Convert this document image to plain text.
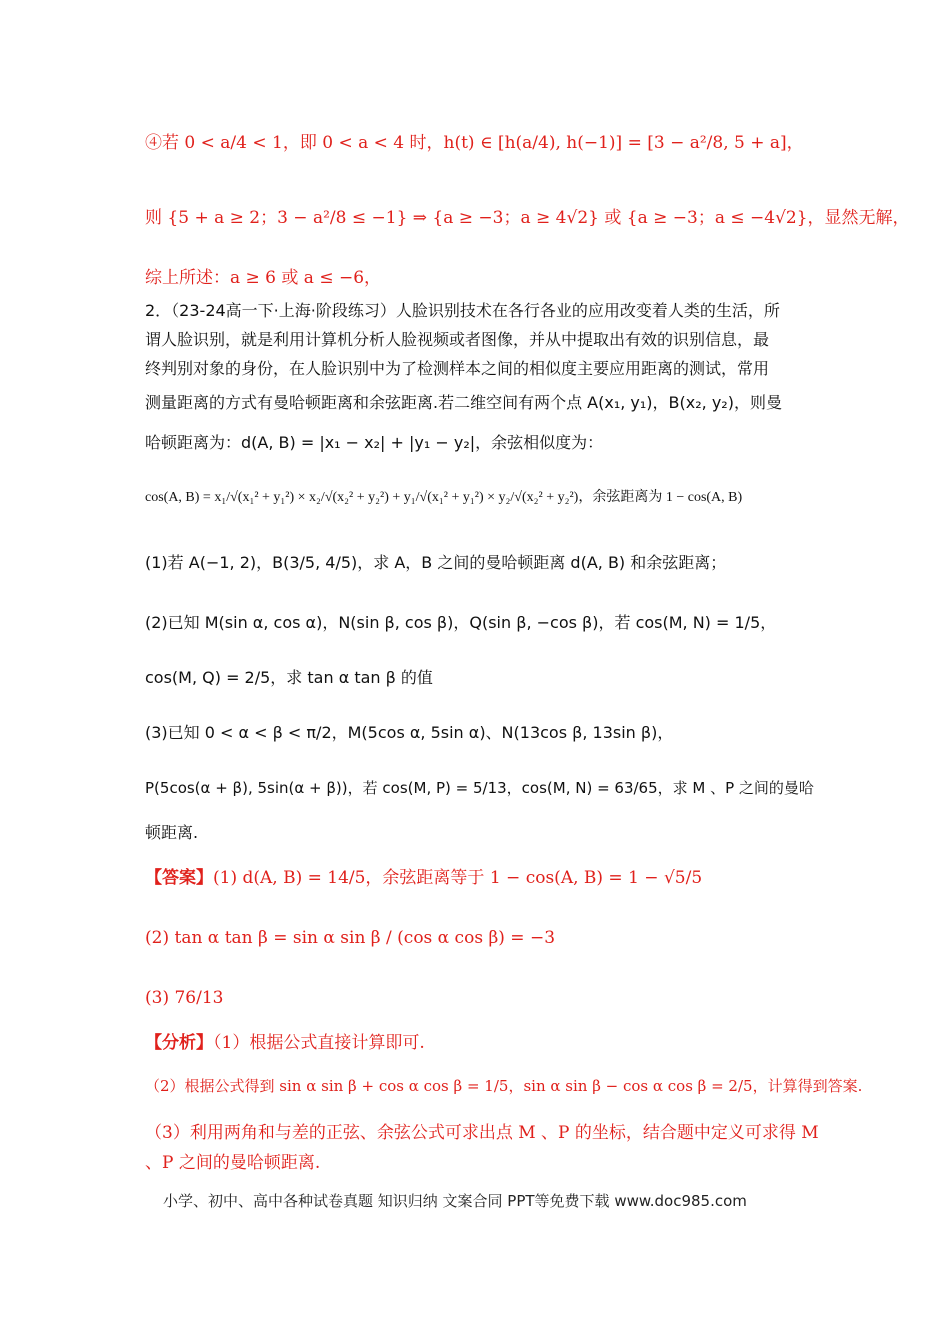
④若 0 < a/4 < 1，即 0 < a < 4 时，h(t) ∈ [h(a/4), h(−1)] = [3 − a²/8, 5 + a]，
则 {5 + a ≥ 2；3 − a²/8 ≤ −1} ⇒ {a ≥ −3；a ≥ 4√2} 或 {a ≥ −3；a ≤ −4√2}，显然无解，
综上所述：a ≥ 6 或 a ≤ −6，
2．（23-24高一下·上海·阶段练习）人脸识别技术在各行各业的应用改变着人类的生活，所
谓人脸识别，就是利用计算机分析人脸视频或者图像，并从中提取出有效的识别信息，最
终判别对象的身份，在人脸识别中为了检测样本之间的相似度主要应用距离的测试，常用
测量距离的方式有曼哈顿距离和余弦距离.若二维空间有两个点 A(x₁, y₁)，B(x₂, y₂)，则曼
哈顿距离为：d(A, B) = |x₁ − x₂| + |y₁ − y₂|，余弦相似度为：
cos(A, B) = x₁/√(x₁² + y₁²) × x₂/√(x₂² + y₂²) + y₁/√(x₁² + y₁²) × y₂/√(x₂² + y₂²)，余弦距离为 1 − cos(A, B)
(1)若 A(−1, 2)，B(3/5, 4/5)，求 A，B 之间的曼哈顿距离 d(A, B) 和余弦距离；
(2)已知 M(sin α, cos α)，N(sin β, cos β)，Q(sin β, −cos β)，若 cos(M, N) = 1/5，
cos(M, Q) = 2/5，求 tan α tan β 的值
(3)已知 0 < α < β < π/2，M(5cos α, 5sin α)、N(13cos β, 13sin β)，
P(5cos(α + β), 5sin(α + β))，若 cos(M, P) = 5/13，cos(M, N) = 63/65，求 M 、P 之间的曼哈
顿距离.
【答案】(1) d(A, B) = 14/5，余弦距离等于 1 − cos(A, B) = 1 − √5/5
(2) tan α tan β = sin α sin β / (cos α cos β) = −3
(3) 76/13
【分析】（1）根据公式直接计算即可.
（2）根据公式得到 sin α sin β + cos α cos β = 1/5，sin α sin β − cos α cos β = 2/5，计算得到答案.
（3）利用两角和与差的正弦、余弦公式可求出点 M 、P 的坐标，结合题中定义可求得 M
、P 之间的曼哈顿距离.
小学、初中、高中各种试卷真题 知识归纳 文案合同 PPT等免费下载 www.doc985.com
